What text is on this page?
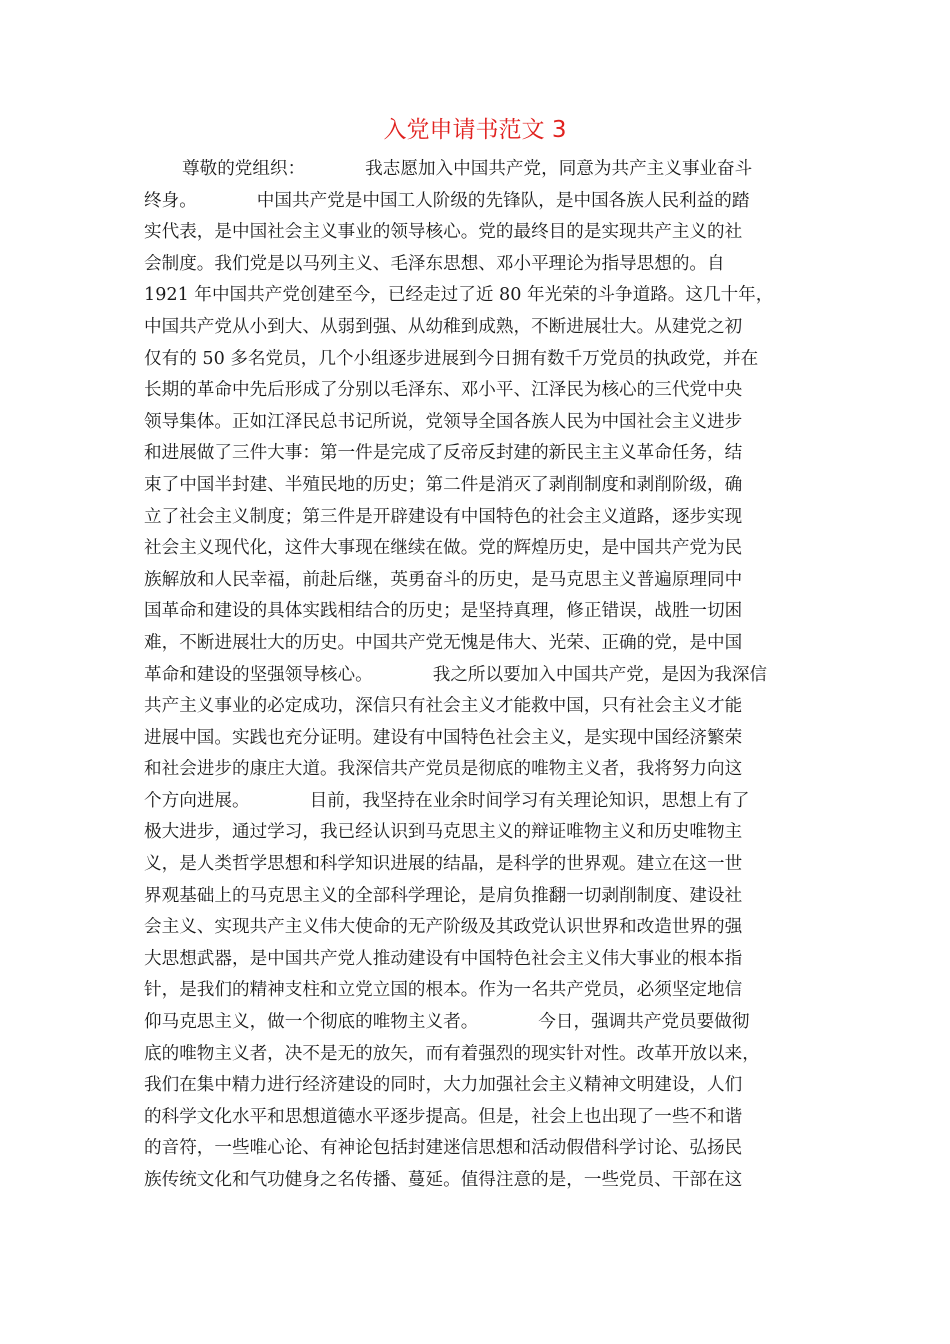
入党申请书范文 3
尊敬的党组织：	我志愿加入中国共产党，同意为共产主义事业奋斗
终身。	中国共产党是中国工人阶级的先锋队，是中国各族人民利益的踏
实代表，是中国社会主义事业的领导核心。党的最终目的是实现共产主义的社
会制度。我们党是以马列主义、毛泽东思想、邓小平理论为指导思想的。自
1921 年中国共产党创建至今，已经走过了近 80 年光荣的斗争道路。这几十年，
中国共产党从小到大、从弱到强、从幼稚到成熟，不断进展壮大。从建党之初
仅有的 50 多名党员，几个小组逐步进展到今日拥有数千万党员的执政党，并在
长期的革命中先后形成了分别以毛泽东、邓小平、江泽民为核心的三代党中央
领导集体。正如江泽民总书记所说，党领导全国各族人民为中国社会主义进步
和进展做了三件大事：第一件是完成了反帝反封建的新民主主义革命任务，结
束了中国半封建、半殖民地的历史；第二件是消灭了剥削制度和剥削阶级，确
立了社会主义制度；第三件是开辟建设有中国特色的社会主义道路，逐步实现
社会主义现代化，这件大事现在继续在做。党的辉煌历史，是中国共产党为民
族解放和人民幸福，前赴后继，英勇奋斗的历史，是马克思主义普遍原理同中
国革命和建设的具体实践相结合的历史；是坚持真理，修正错误，战胜一切困
难，不断进展壮大的历史。中国共产党无愧是伟大、光荣、正确的党，是中国
革命和建设的坚强领导核心。	我之所以要加入中国共产党，是因为我深信
共产主义事业的必定成功，深信只有社会主义才能救中国，只有社会主义才能
进展中国。实践也充分证明。建设有中国特色社会主义，是实现中国经济繁荣
和社会进步的康庄大道。我深信共产党员是彻底的唯物主义者，我将努力向这
个方向进展。	目前，我坚持在业余时间学习有关理论知识，思想上有了
极大进步，通过学习，我已经认识到马克思主义的辩证唯物主义和历史唯物主
义，是人类哲学思想和科学知识进展的结晶，是科学的世界观。建立在这一世
界观基础上的马克思主义的全部科学理论，是肩负推翻一切剥削制度、建设社
会主义、实现共产主义伟大使命的无产阶级及其政党认识世界和改造世界的强
大思想武器，是中国共产党人推动建设有中国特色社会主义伟大事业的根本指
针，是我们的精神支柱和立党立国的根本。作为一名共产党员，必须坚定地信
仰马克思主义，做一个彻底的唯物主义者。	今日，强调共产党员要做彻
底的唯物主义者，决不是无的放矢，而有着强烈的现实针对性。改革开放以来，
我们在集中精力进行经济建设的同时，大力加强社会主义精神文明建设，人们
的科学文化水平和思想道德水平逐步提高。但是，社会上也出现了一些不和谐
的音符，一些唯心论、有神论包括封建迷信思想和活动假借科学讨论、弘扬民
族传统文化和气功健身之名传播、蔓延。值得注意的是，一些党员、干部在这
